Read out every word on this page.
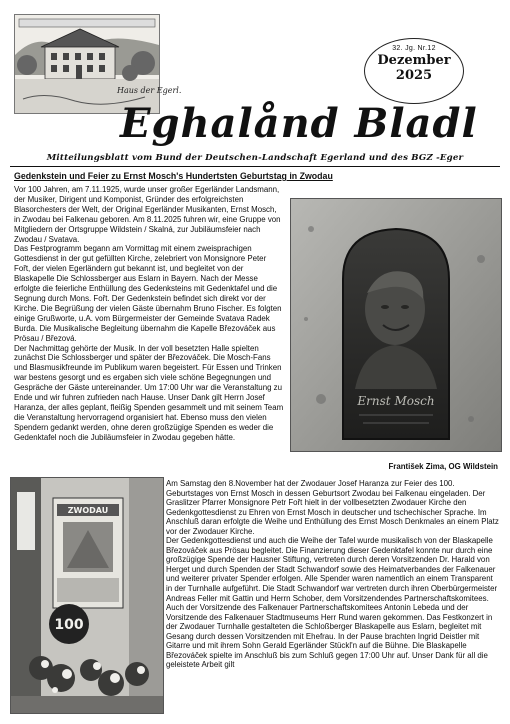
Haus der Egerl.
32. Jg. Nr.12
Dezember
2025
Eghalånd Bladl
Mitteilungsblatt vom Bund der Deutschen-Landschaft Egerland und des BGZ -Eger
Gedenkstein und Feier zu Ernst Mosch's Hundertsten Geburtstag in Zwodau

Vor 100 Jahren, am 7.11.1925, wurde unser großer Egerländer Landsmann, der Musiker, Dirigent und Komponist, Gründer des erfolgreichsten Blasorchesters der Welt, der Original Egerländer Musikanten, Ernst Mosch, in Zwodau bei Falkenau geboren. Am 8.11.2025 fuhren wir, eine Gruppe von Mitgliedern der Ortsgruppe Wildstein / Skalná, zur Jubiläumsfeier nach Zwodau / Svatava.

Das Festprogramm begann am Vormittag mit einem zweisprachigen Gottesdienst in der gut gefüllten Kirche, zelebriert von Monsignore Peter Fořt, der vielen Egerländern gut bekannt ist, und begleitet von der Blaskapelle Die Schlossberger aus Eslarn in Bayern. Nach der Messe erfolgte die feierliche Enthüllung des Gedenksteins mit Gedenktafel und die Segnung durch Mons. Fořt. Der Gedenkstein befindet sich direkt vor der Kirche. Die Begrüßung der vielen Gäste übernahm Bruno Fischer. Es folgten einige Grußworte, u.A. vom Bürgermeister der Gemeinde Svatava Radek Burda. Die Musikalische Begleitung übernahm die Kapelle Březováček aus Prösau / Březová.

Der Nachmittag gehörte der Musik. In der voll besetzten Halle spielten zunächst Die Schlossberger und später der Březováček. Die Mosch-Fans und Blasmusikfreunde im Publikum waren begeistert. Für Essen und Trinken war bestens gesorgt und es ergaben sich viele schöne Begegnungen und Gespräche der Gäste untereinander. Um 17:00 Uhr war die Veranstaltung zu Ende und wir fuhren zufrieden nach Hause. Unser Dank gilt Herrn Josef Haranza, der alles geplant, fleißig Spenden gesammelt und mit seinem Team die Veranstaltung hervorragend organisiert hat. Ebenso muss den vielen Spendern gedankt werden, ohne deren großzügige Spenden es weder die Gedenktafel noch die Jubiläumsfeier in Zwodau gegeben hätte.

Ernst Mosch
František Zima, OG Wildstein
ZWODAU
100

Am Samstag den 8.November hat der Zwodauer Josef Haranza zur Feier des 100. Geburtstages von Ernst Mosch in dessen Geburtsort Zwodau bei Falkenau eingeladen. Der Graslitzer Pfarrer Monsignore Petr Fořt hielt in der vollbesetzten Zwodauer Kirche den Gedenkgottesdienst zu Ehren von Ernst Mosch in deutscher und tschechischer Sprache. Im Anschluß daran erfolgte die Weihe und Enthüllung des Ernst Mosch Denkmales an einem Platz vor der Zwodauer Kirche.

Der Gedenkgottesdienst und auch die Weihe der Tafel wurde musikalisch von der Blaskapelle Březováček aus Prösau begleitet. Die Finanzierung dieser Gedenktafel konnte nur durch eine großzügige Spende der Hausner Stiftung, vertreten durch deren Vorsitzenden Dr. Harald von Herget und durch Spenden der Stadt Schwandorf sowie des Heimatverbandes der Falkenauer und weiterer privater Spender erfolgen. Alle Spender waren namentlich an einem Transparent in der Turnhalle aufgeführt. Die Stadt Schwandorf war vertreten durch ihren Oberbürgermeister Andreas Feller mit Gattin und Herrn Schober, dem Vorsitzendendes Partnerschaftskomitees. Auch der Vorsitzende des Falkenauer Partnerschaftskomitees Antonin Lebeda und der Vorsitzende des Falkenauer Stadtmuseums Herr Rund waren gekommen. Das Festkonzert in der Zwodauer Turnhalle gestalteten die Schloßberger Blaskapelle aus Eslarn, begleitet mit Gesang durch dessen Vorsitzenden mit Ehefrau. In der Pause brachten Ingrid Deistler mit Gitarre und mit ihrem Sohn Gerald Egerländer Stückl'n auf die Bühne. Die Blaskapelle Březováček spielte im Anschluß bis zum Schluß gegen 17:00 Uhr auf. Unser Dank für all die geleistete Arbeit gilt
